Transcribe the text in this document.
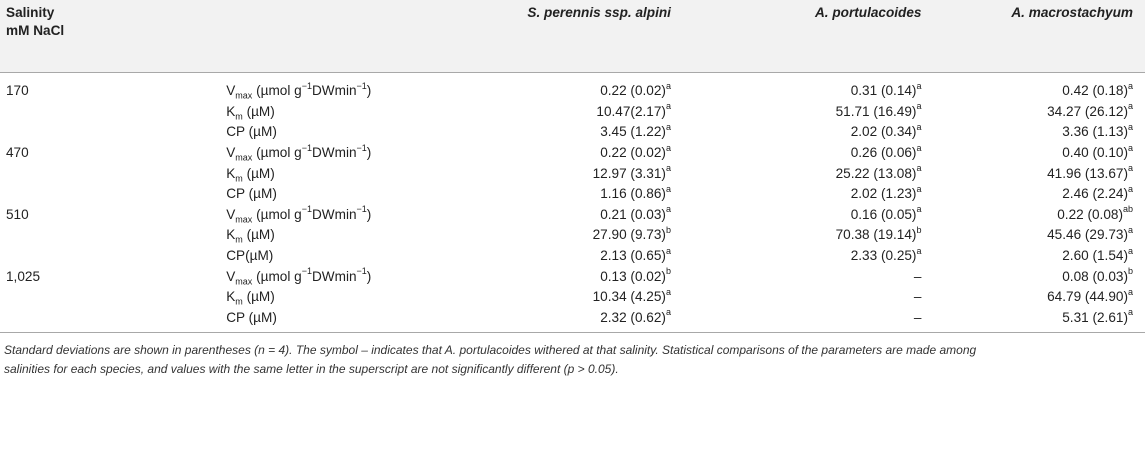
Salinity
mM NaCl		S. perennis ssp. alpini	A. portulacoides	A. macrostachyum
170	$V_{max}$ (µmol $g^{-1}DWmin^{-1}$)	0.22 $(0.02)^a$	0.31 $(0.14)^a$	0.42 $(0.18)^a$
	$K_m$ (µM)	$10.47(2.17)^a$	51.71 $(16.49)^a$	34.27 $(26.12)^a$
	CP (µM)	3.45 $(1.22)^a$	2.02 $(0.34)^a$	3.36 $(1.13)^a$
470	$V_{max}$ (µmol $g^{-1}DWmin^{-1}$)	0.22 $(0.02)^a$	0.26 $(0.06)^a$	0.40 $(0.10)^a$
	$K_m$ (µM)	12.97 $(3.31)^a$	25.22 $(13.08)^a$	41.96 $(13.67)^a$
	CP (µM)	1.16 $(0.86)^a$	2.02 $(1.23)^a$	2.46 $(2.24)^a$
510	$V_{max}$ (µmol $g^{-1}DWmin^{-1}$)	0.21 $(0.03)^a$	0.16 $(0.05)^a$	0.22 $(0.08)^{ab}$
	$K_m$ (µM)	27.90 $(9.73)^b$	70.38 $(19.14)^b$	45.46 $(29.73)^a$
	CP(µM)	2.13 $(0.65)^a$	2.33 $(0.25)^a$	2.60 $(1.54)^a$
1,025	$V_{max}$ (µmol $g^{-1}DWmin^{-1}$)	0.13 $(0.02)^b$	–	0.08 $(0.03)^b$
	$K_m$ (µM)	10.34 $(4.25)^a$	–	64.79 $(44.90)^a$
	CP (µM)	2.32 $(0.62)^a$	–	5.31 $(2.61)^a$
Standard deviations are shown in parentheses (n = 4). The symbol – indicates that A. portulacoides withered at that salinity. Statistical comparisons of the parameters are made among
salinities for each species, and values with the same letter in the superscript are not significantly different (p > 0.05).
